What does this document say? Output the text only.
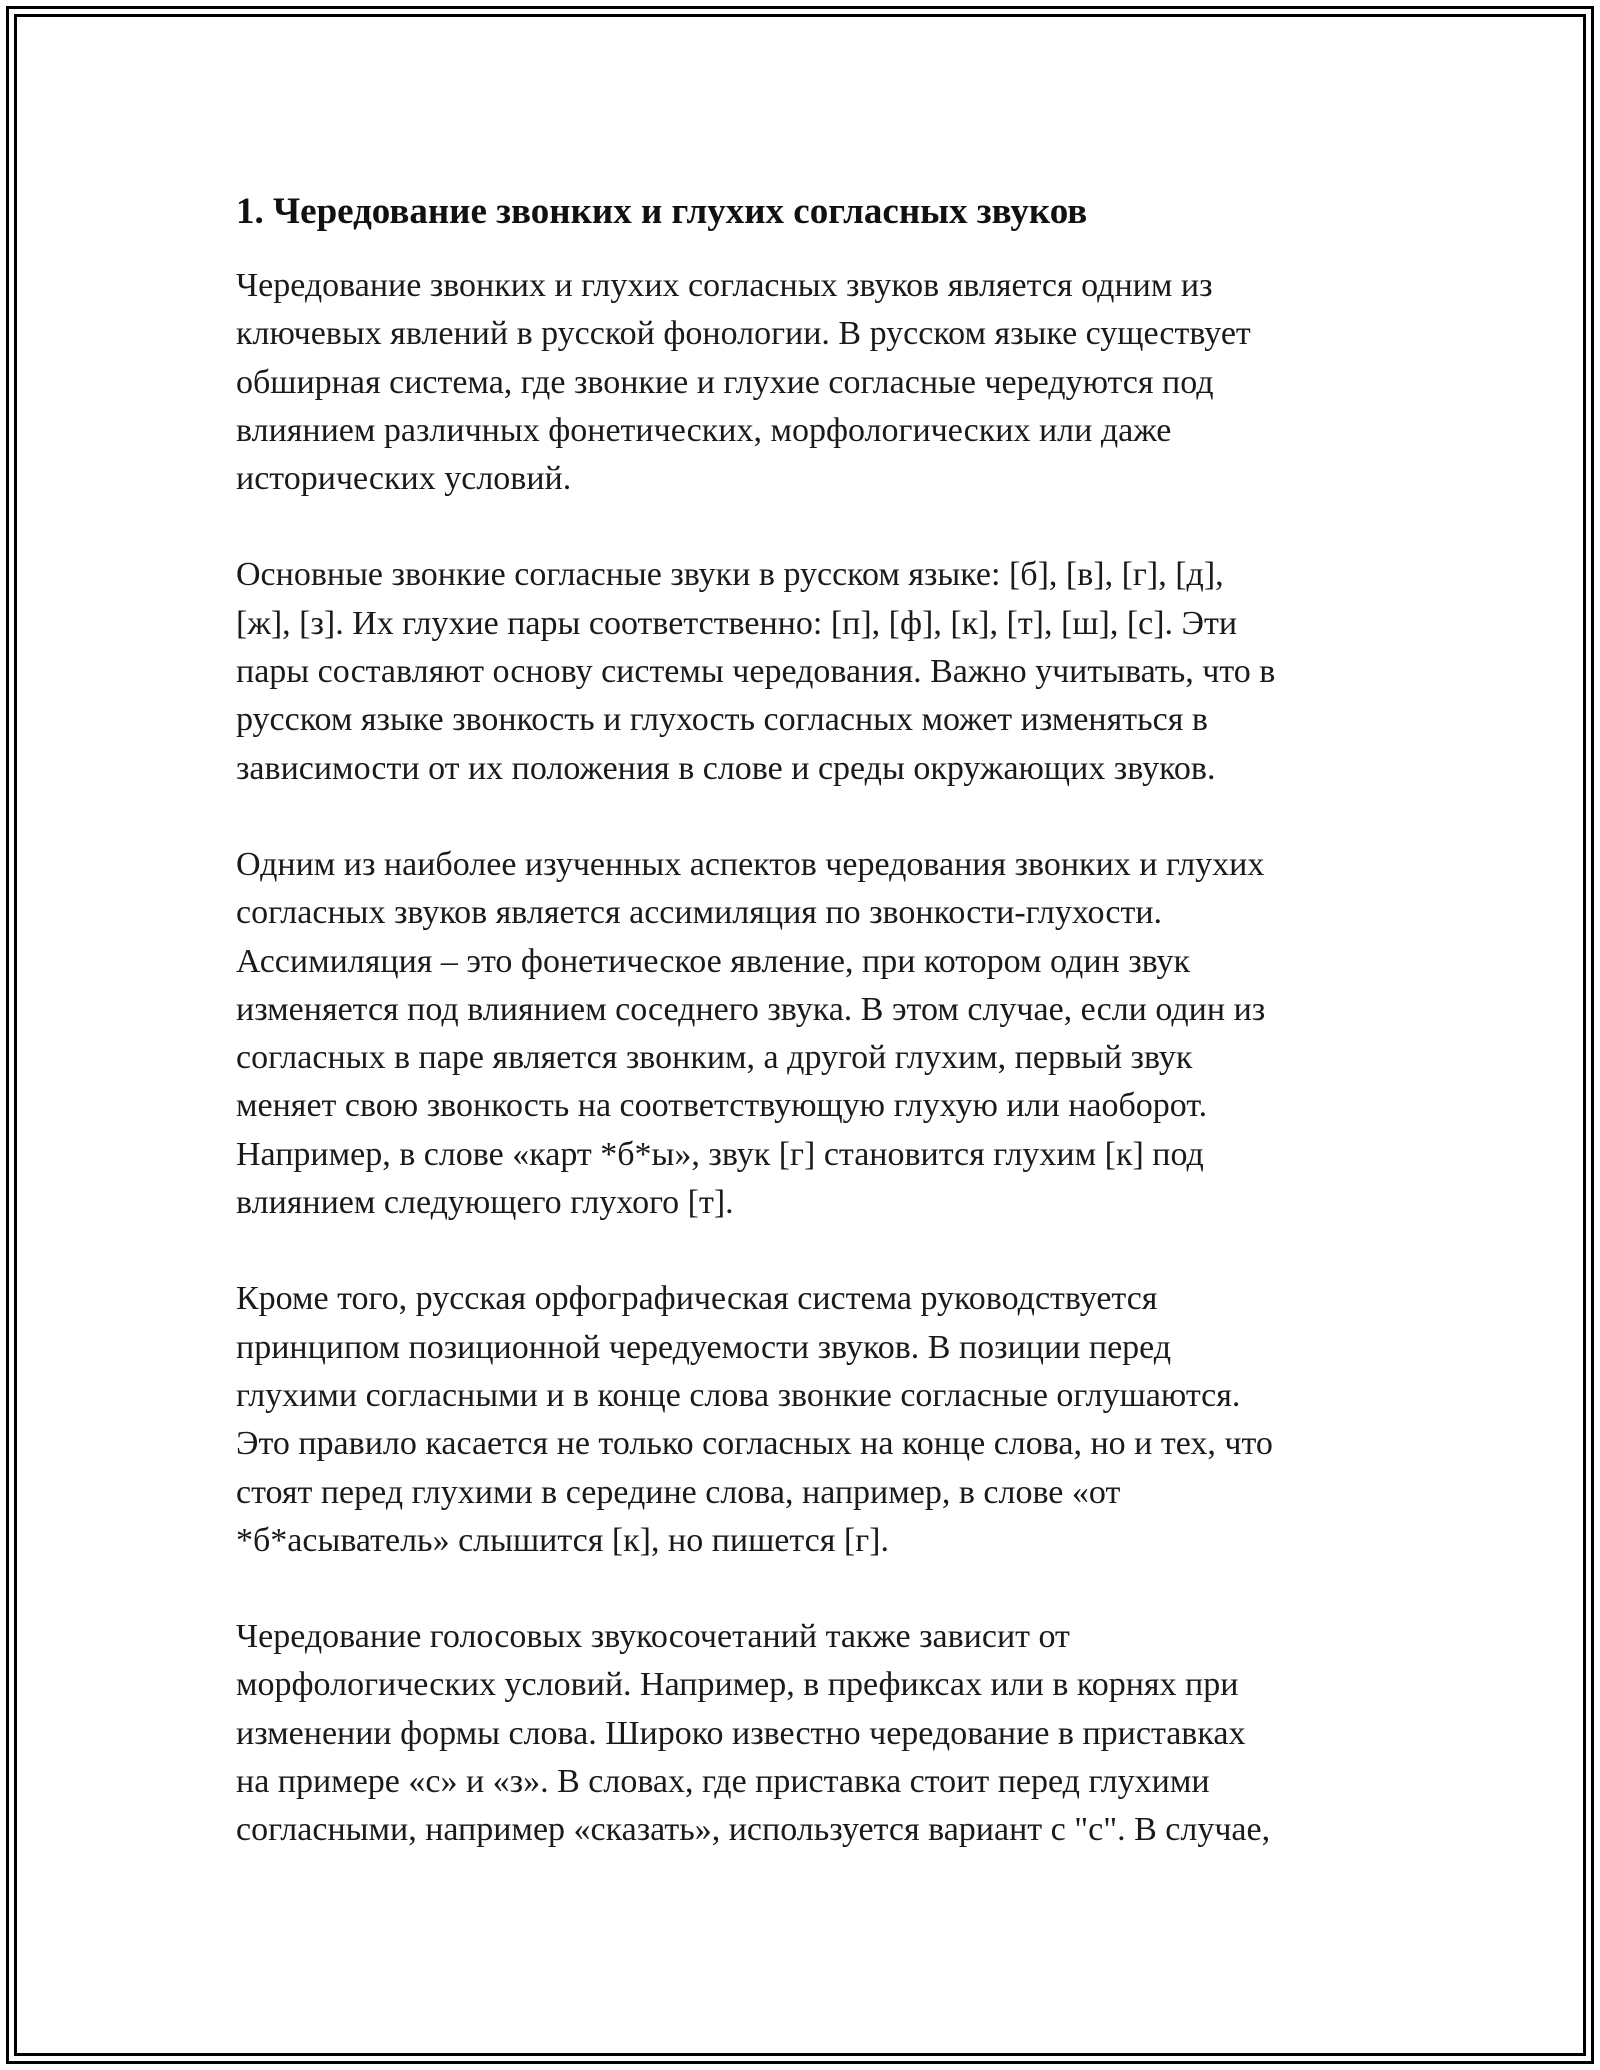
1. Чередование звонких и глухих согласных звуков
Чередование звонких и глухих согласных звуков является одним из
ключевых явлений в русской фонологии. В русском языке существует
обширная система, где звонкие и глухие согласные чередуются под
влиянием различных фонетических, морфологических или даже
исторических условий.
Основные звонкие согласные звуки в русском языке: [б], [в], [г], [д],
[ж], [з]. Их глухие пары соответственно: [п], [ф], [к], [т], [ш], [с]. Эти
пары составляют основу системы чередования. Важно учитывать, что в
русском языке звонкость и глухость согласных может изменяться в
зависимости от их положения в слове и среды окружающих звуков.
Одним из наиболее изученных аспектов чередования звонких и глухих
согласных звуков является ассимиляция по звонкости-глухости.
Ассимиляция – это фонетическое явление, при котором один звук
изменяется под влиянием соседнего звука. В этом случае, если один из
согласных в паре является звонким, а другой глухим, первый звук
меняет свою звонкость на соответствующую глухую или наоборот.
Например, в слове «карт *б*ы», звук [г] становится глухим [к] под
влиянием следующего глухого [т].
Кроме того, русская орфографическая система руководствуется
принципом позиционной чередуемости звуков. В позиции перед
глухими согласными и в конце слова звонкие согласные оглушаются.
Это правило касается не только согласных на конце слова, но и тех, что
стоят перед глухими в середине слова, например, в слове «от
*б*асыватель» слышится [к], но пишется [г].
Чередование голосовых звукосочетаний также зависит от
морфологических условий. Например, в префиксах или в корнях при
изменении формы слова. Широко известно чередование в приставках
на примере «с» и «з». В словах, где приставка стоит перед глухими
согласными, например «сказать», используется вариант с "с". В случае,
